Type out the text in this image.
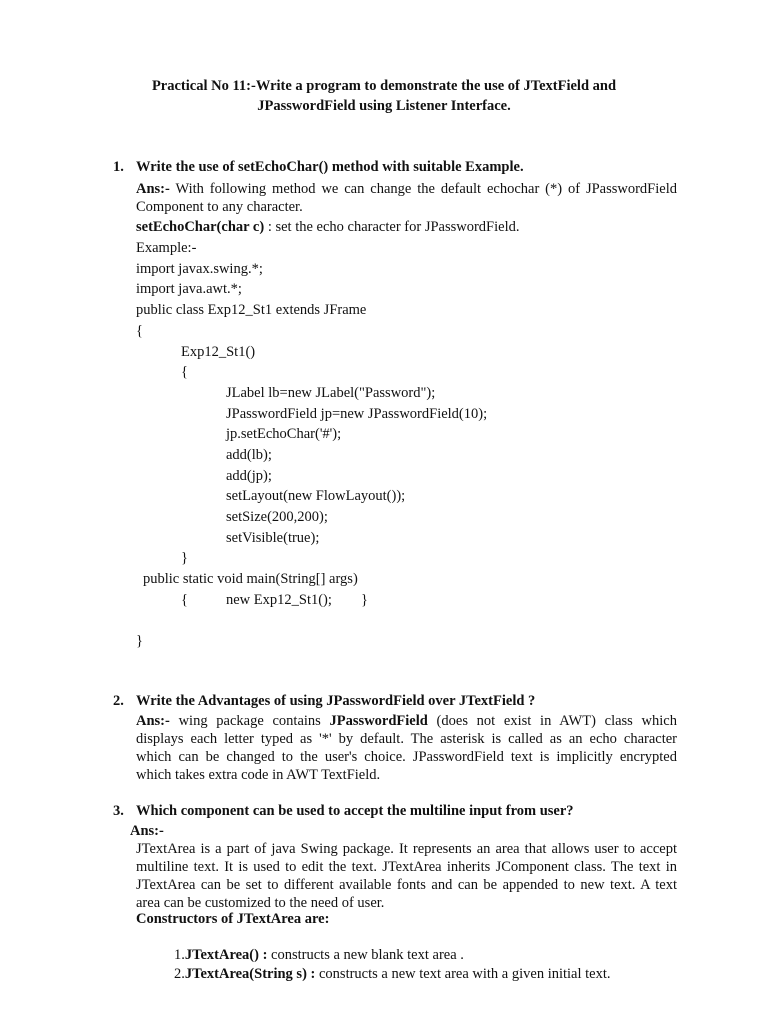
Practical No 11:-Write a program to demonstrate the use of JTextField and
JPasswordField using Listener Interface.
1. Write the use of setEchoChar() method with suitable Example.
Ans:- With following method we can change the default echochar (*) of JPasswordField
Component to any character.
setEchoChar(char c) : set the echo character for JPasswordField.
Example:-
import javax.swing.*;
import java.awt.*;
public class Exp12_St1 extends JFrame
{
Exp12_St1()
{
JLabel lb=new JLabel("Password");
JPasswordField jp=new JPasswordField(10);
jp.setEchoChar('#');
add(lb);
add(jp);
setLayout(new FlowLayout());
setSize(200,200);
setVisible(true);
}
public static void main(String[] args)
{	new Exp12_St1(); }
}
2. Write the Advantages of using JPasswordField over JTextField ?
Ans:- wing package contains JPasswordField (does not exist in AWT) class which
displays each letter typed as '*' by default. The asterisk is called as an echo character
which can be changed to the user's choice. JPasswordField text is implicitly encrypted
which takes extra code in AWT TextField.
3. Which component can be used to accept the multiline input from user?
Ans:-
JTextArea is a part of java Swing package. It represents an area that allows user to accept
multiline text. It is used to edit the text. JTextArea inherits JComponent class. The text in
JTextArea can be set to different available fonts and can be appended to new text. A text
area can be customized to the need of user.
Constructors of JTextArea are:
1.JTextArea() : constructs a new blank text area .
2.JTextArea(String s) : constructs a new text area with a given initial text.
